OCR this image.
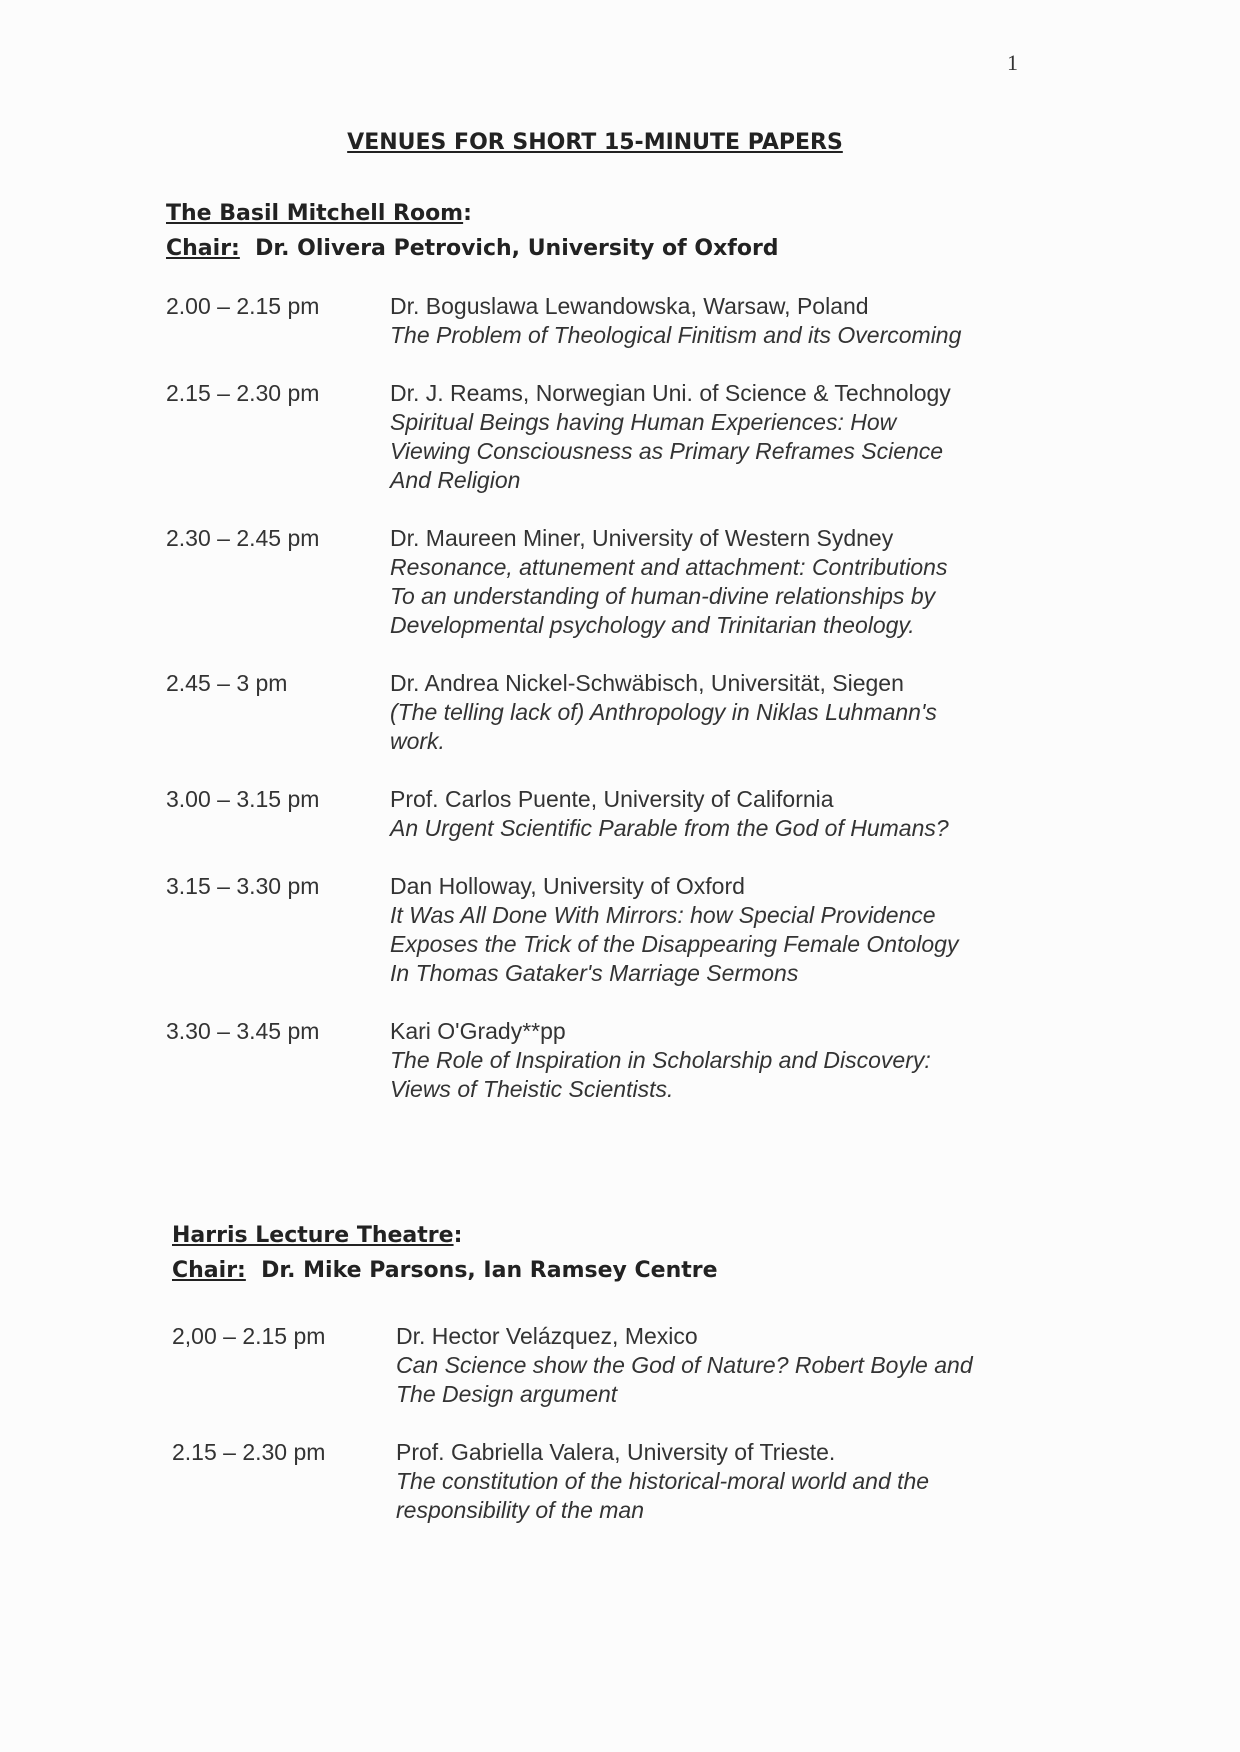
1
VENUES FOR SHORT 15-MINUTE PAPERS
The Basil Mitchell Room:
Chair: Dr. Olivera Petrovich, University of Oxford
2.00 – 2.15 pm	Dr. Boguslawa Lewandowska, Warsaw, Poland
The Problem of Theological Finitism and its Overcoming
2.15 – 2.30 pm	Dr. J. Reams, Norwegian Uni. of Science & Technology
Spiritual Beings having Human Experiences: How
Viewing Consciousness as Primary Reframes Science
And Religion
2.30 – 2.45 pm	Dr. Maureen Miner, University of Western Sydney
Resonance, attunement and attachment: Contributions
To an understanding of human-divine relationships by
Developmental psychology and Trinitarian theology.
2.45 – 3 pm	Dr. Andrea Nickel-Schwäbisch, Universität, Siegen
(The telling lack of) Anthropology in Niklas Luhmann's
work.
3.00 – 3.15 pm	Prof. Carlos Puente, University of California
An Urgent Scientific Parable from the God of Humans?
3.15 – 3.30 pm	Dan Holloway, University of Oxford
It Was All Done With Mirrors: how Special Providence
Exposes the Trick of the Disappearing Female Ontology
In Thomas Gataker's Marriage Sermons
3.30 – 3.45 pm	Kari O'Grady**pp
The Role of Inspiration in Scholarship and Discovery:
Views of Theistic Scientists.
Harris Lecture Theatre:
Chair: Dr. Mike Parsons, Ian Ramsey Centre
2,00 – 2.15 pm	Dr. Hector Velázquez, Mexico
Can Science show the God of Nature? Robert Boyle and
The Design argument
2.15 – 2.30 pm	Prof. Gabriella Valera, University of Trieste.
The constitution of the historical-moral world and the
responsibility of the man
